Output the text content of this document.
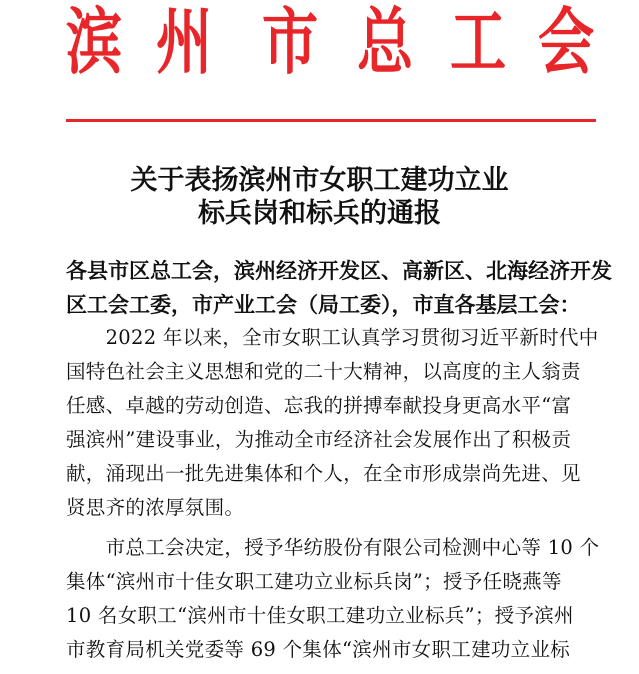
滨 州 市 总 工 会
关于表扬滨州市女职工建功立业
标兵岗和标兵的通报
各县市区总工会，滨州经济开发区、高新区、北海经济开发
区工会工委，市产业工会（局工委），市直各基层工会：
　　2022 年以来，全市女职工认真学习贯彻习近平新时代中
国特色社会主义思想和党的二十大精神，以高度的主人翁责
任感、卓越的劳动创造、忘我的拼搏奉献投身更高水平“富
强滨州”建设事业，为推动全市经济社会发展作出了积极贡
献，涌现出一批先进集体和个人，在全市形成崇尚先进、见
贤思齐的浓厚氛围。
　　市总工会决定，授予华纺股份有限公司检测中心等 10 个
集体“滨州市十佳女职工建功立业标兵岗”；授予任晓燕等
10 名女职工“滨州市十佳女职工建功立业标兵”；授予滨州
市教育局机关党委等 69 个集体“滨州市女职工建功立业标
